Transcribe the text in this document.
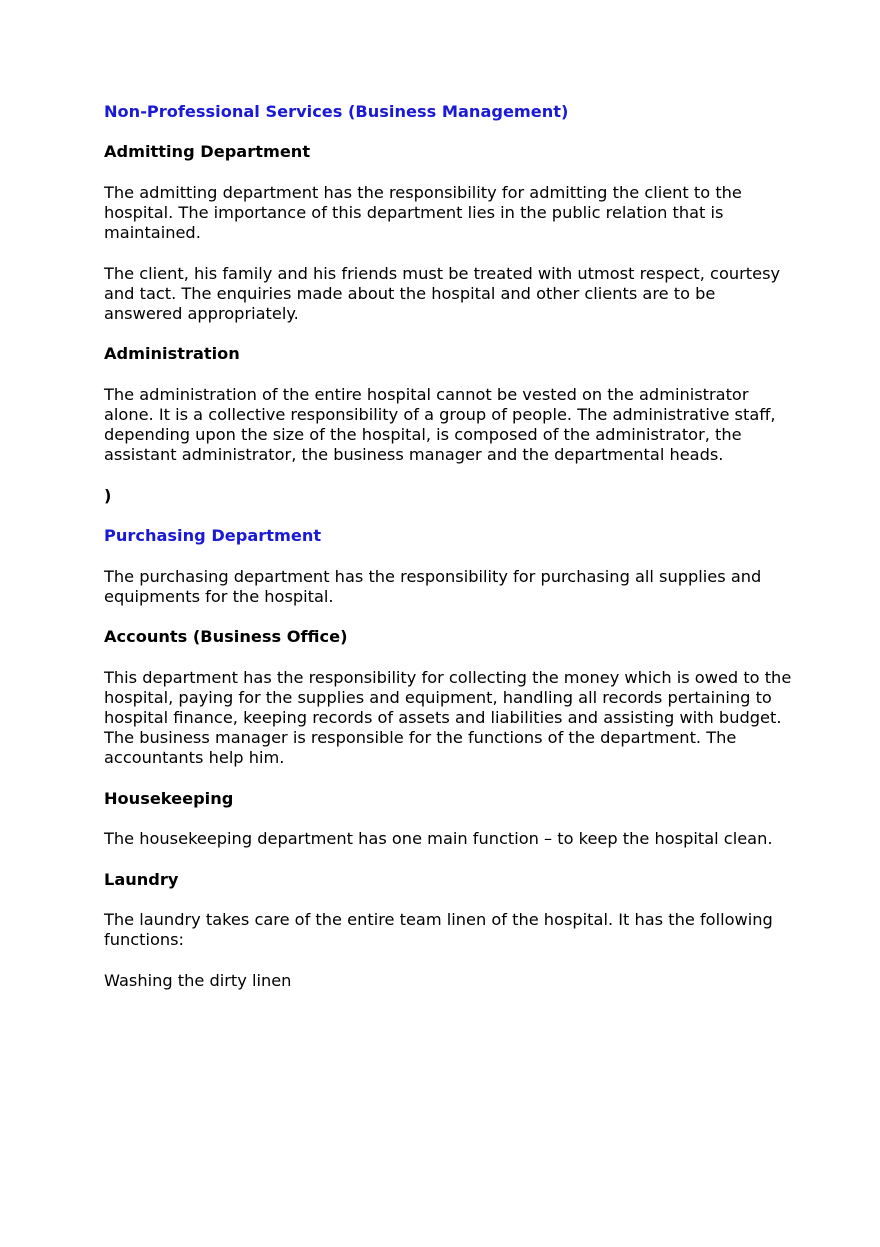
Non-Professional Services (Business Management)
Admitting Department
The admitting department has the responsibility for admitting the client to the hospital. The importance of this department lies in the public relation that is maintained.
The client, his family and his friends must be treated with utmost respect, courtesy and tact. The enquiries made about the hospital and other clients are to be answered appropriately.
Administration
The administration of the entire hospital cannot be vested on the administrator alone. It is a collective responsibility of a group of people. The administrative staff, depending upon the size of the hospital, is composed of the administrator, the assistant administrator, the business manager and the departmental heads.
)
Purchasing Department
The purchasing department has the responsibility for purchasing all supplies and equipments for the hospital.
Accounts (Business Ofﬁce)
This department has the responsibility for collecting the money which is owed to the hospital, paying for the supplies and equipment, handling all records pertaining to hospital finance, keeping records of assets and liabilities and assisting with budget. The business manager is responsible for the functions of the department. The accountants help him.
Housekeeping
The housekeeping department has one main function – to keep the hospital clean.
Laundry
The laundry takes care of the entire team linen of the hospital. It has the following functions:
Washing the dirty linen
